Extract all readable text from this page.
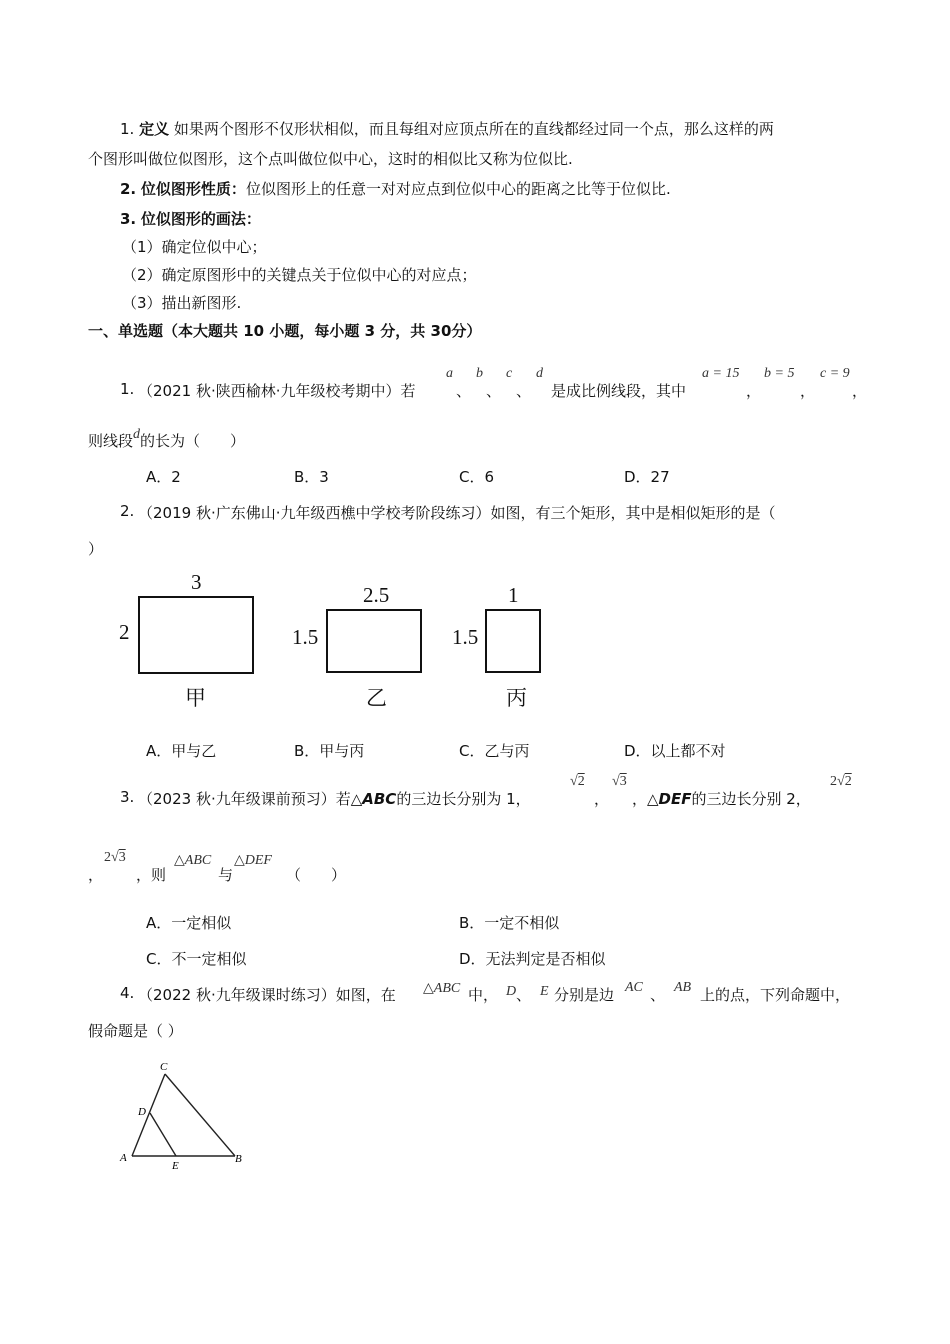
1. 定义 如果两个图形不仅形状相似，而且每组对应顶点所在的直线都经过同一个点，那么这样的两
个图形叫做位似图形，这个点叫做位似中心，这时的相似比又称为位似比.
2. 位似图形性质：位似图形上的任意一对对应点到位似中心的距离之比等于位似比.
3. 位似图形的画法：
（1）确定位似中心；
（2）确定原图形中的关键点关于位似中心的对应点；
（3）描出新图形.
一、单选题（本大题共 10 小题，每小题 3 分，共 30分）
1. （2021 秋·陕西榆林·九年级校考期中）若
a
、
b
、
c
、
d
是成比例线段，其中
a = 15
，
b = 5
，
c = 9
，
则线段d的长为（　　）
A．2	B．3	C．6	D．27
2. （2019 秋·广东佛山·九年级西樵中学校考阶段练习）如图，有三个矩形，其中是相似矩形的是（
）
3
2
甲
2.5
1.5
乙
1
1.5
丙
A．甲与乙	B．甲与丙	C．乙与丙	D．以上都不对
3. （2023 秋·九年级课前预习）若△ABC的三边长分别为 1，
√2
，
√3
，△DEF的三边长分别 2，
2√2
，
2√3
，则
△ABC
与
△DEF
（　　）
A．一定相似	B．一定不相似
C．不一定相似	D．无法判定是否相似
4. （2022 秋·九年级课时练习）如图，在 △ABC 中， D 、 E 分别是边 AC 、 AB 上的点，下列命题中，
假命题是（ ）
C
D
A
E
B
